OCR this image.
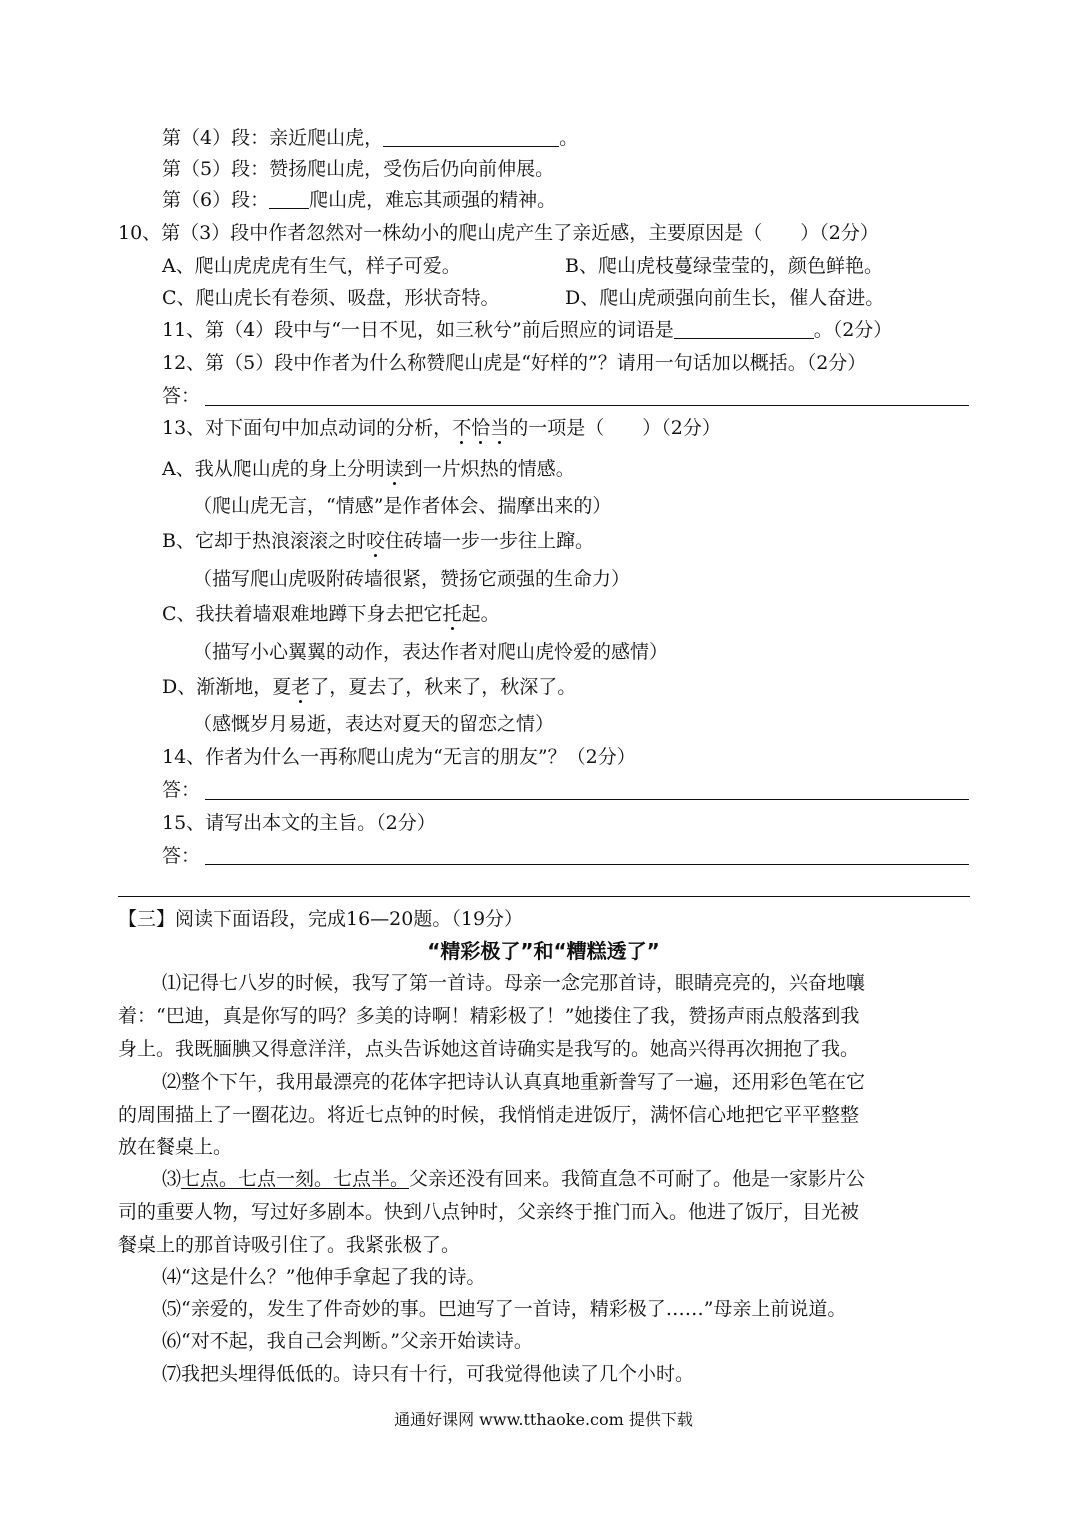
第（4）段：亲近爬山虎，	。
第（5）段：赞扬爬山虎，受伤后仍向前伸展。
第（6）段： 爬山虎，难忘其顽强的精神。
10、第（3）段中作者忽然对一株幼小的爬山虎产生了亲近感，主要原因是（　　）（2分）
A、爬山虎虎虎有生气，样子可爱。	B、爬山虎枝蔓绿莹莹的，颜色鲜艳。
C、爬山虎长有卷须、吸盘，形状奇特。	D、爬山虎顽强向前生长，催人奋进。
11、第（4）段中与“一日不见，如三秋兮”前后照应的词语是	。（2分）
12、第（5）段中作者为什么称赞爬山虎是“好样的”？请用一句话加以概括。（2分）
答：
13、对下面句中加点动词的分析，不恰当的一项是（　　）（2分）
A、我从爬山虎的身上分明读到一片炽热的情感。
（爬山虎无言，“情感”是作者体会、揣摩出来的）
B、它却于热浪滚滚之时咬住砖墙一步一步往上蹿。
（描写爬山虎吸附砖墙很紧，赞扬它顽强的生命力）
C、我扶着墙艰难地蹲下身去把它托起。
（描写小心翼翼的动作，表达作者对爬山虎怜爱的感情）
D、渐渐地，夏老了，夏去了，秋来了，秋深了。
（感慨岁月易逝，表达对夏天的留恋之情）
14、作者为什么一再称爬山虎为“无言的朋友”？（2分）
答：
15、请写出本文的主旨。（2分）
答：
【三】阅读下面语段，完成16—20题。（19分）
“精彩极了”和“糟糕透了”
⑴记得七八岁的时候，我写了第一首诗。母亲一念完那首诗，眼睛亮亮的，兴奋地嚷
着：“巴迪，真是你写的吗？多美的诗啊！精彩极了！”她搂住了我，赞扬声雨点般落到我
身上。我既腼腆又得意洋洋，点头告诉她这首诗确实是我写的。她高兴得再次拥抱了我。
⑵整个下午，我用最漂亮的花体字把诗认认真真地重新誊写了一遍，还用彩色笔在它
的周围描上了一圈花边。将近七点钟的时候，我悄悄走进饭厅，满怀信心地把它平平整整
放在餐桌上。
⑶七点。七点一刻。七点半。父亲还没有回来。我简直急不可耐了。他是一家影片公
司的重要人物，写过好多剧本。快到八点钟时，父亲终于推门而入。他进了饭厅，目光被
餐桌上的那首诗吸引住了。我紧张极了。
⑷“这是什么？”他伸手拿起了我的诗。
⑸“亲爱的，发生了件奇妙的事。巴迪写了一首诗，精彩极了……”母亲上前说道。
⑹“对不起，我自己会判断。”父亲开始读诗。
⑺我把头埋得低低的。诗只有十行，可我觉得他读了几个小时。
通通好课网 www.tthaoke.com 提供下载
